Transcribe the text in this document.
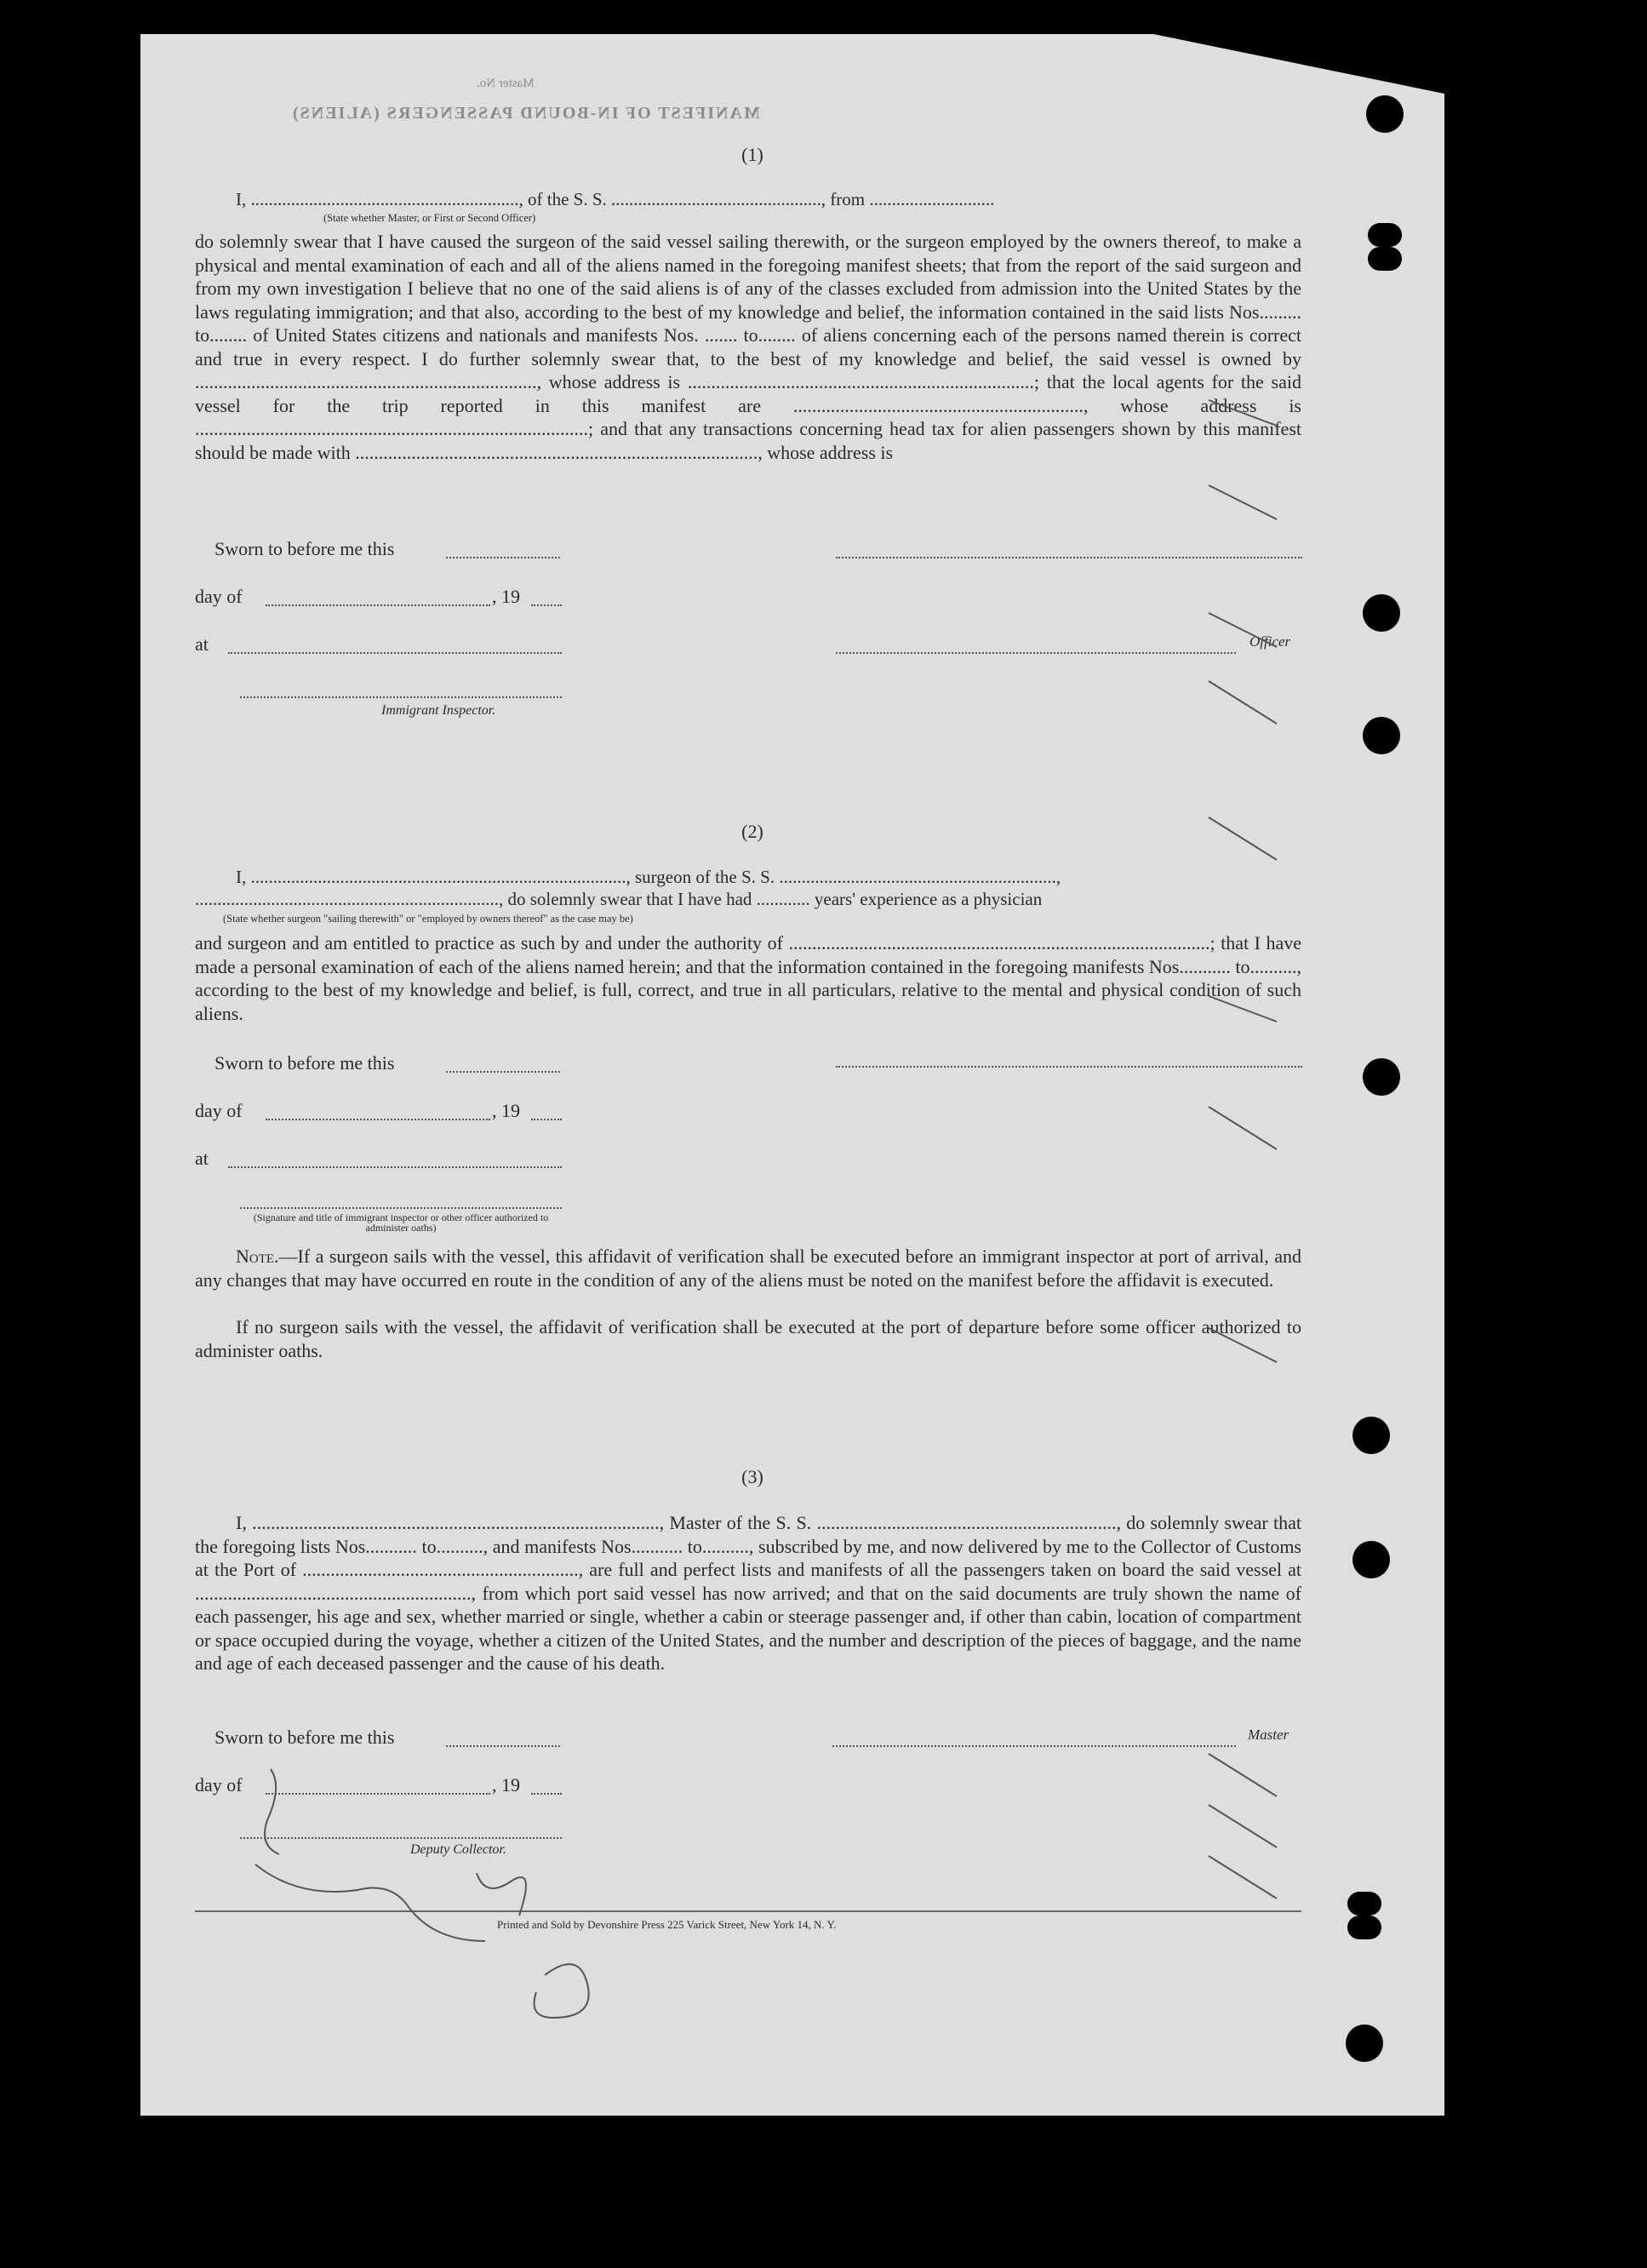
MANIFEST OF IN-BOUND PASSENGERS (ALIENS)
Master No.
(1)
I, ............................................................, of the S. S. ..............................................., from ............................
(State whether Master, or First or Second Officer)
do solemnly swear that I have caused the surgeon of the said vessel sailing therewith, or the surgeon employed by the owners thereof, to make a physical and mental examination of each and all of the aliens named in the foregoing manifest sheets; that from the report of the said surgeon and from my own investigation I believe that no one of the said aliens is of any of the classes excluded from admission into the United States by the laws regulating immigration; and that also, according to the best of my knowledge and belief, the information contained in the said lists Nos......... to........ of United States citizens and nationals and manifests Nos. ....... to........ of aliens concerning each of the persons named therein is correct and true in every respect. I do further solemnly swear that, to the best of my knowledge and belief, the said vessel is owned by ........................................................................., whose address is ..........................................................................; that the local agents for the said vessel for the trip reported in this manifest are .............................................................., whose address is ....................................................................................; and that any transactions concerning head tax for alien passengers shown by this manifest should be made with ......................................................................................, whose address is
Sworn to before me this
day of	, 19
at	Officer
Immigrant Inspector.
(2)
I, ...................................................................................., surgeon of the S. S. ..............................................................,
...................................................................., do solemnly swear that I have had ............ years' experience as a physician
(State whether surgeon "sailing therewith" or "employed by owners thereof" as the case may be)
and surgeon and am entitled to practice as such by and under the authority of ..........................................................................................; that I have made a personal examination of each of the aliens named herein; and that the information contained in the foregoing manifests Nos........... to.........., according to the best of my knowledge and belief, is full, correct, and true in all particulars, relative to the mental and physical condition of such aliens.
Sworn to before me this
day of	, 19
at
(Signature and title of immigrant inspector or other officer authorized to administer oaths)
Note.—If a surgeon sails with the vessel, this affidavit of verification shall be executed before an immigrant inspector at port of arrival, and any changes that may have occurred en route in the condition of any of the aliens must be noted on the manifest before the affidavit is executed.
If no surgeon sails with the vessel, the affidavit of verification shall be executed at the port of departure before some officer authorized to administer oaths.
(3)
I, ......................................................................................., Master of the S. S. ................................................................, do solemnly swear that the foregoing lists Nos........... to.........., and manifests Nos........... to.........., subscribed by me, and now delivered by me to the Collector of Customs at the Port of ..........................................................., are full and perfect lists and manifests of all the passengers taken on board the said vessel at ..........................................................., from which port said vessel has now arrived; and that on the said documents are truly shown the name of each passenger, his age and sex, whether married or single, whether a cabin or steerage passenger and, if other than cabin, location of compartment or space occupied during the voyage, whether a citizen of the United States, and the number and description of the pieces of baggage, and the name and age of each deceased passenger and the cause of his death.
Sworn to before me this	Master
day of	, 19
Deputy Collector.
Printed and Sold by Devonshire Press 225 Varick Street, New York 14, N. Y.
